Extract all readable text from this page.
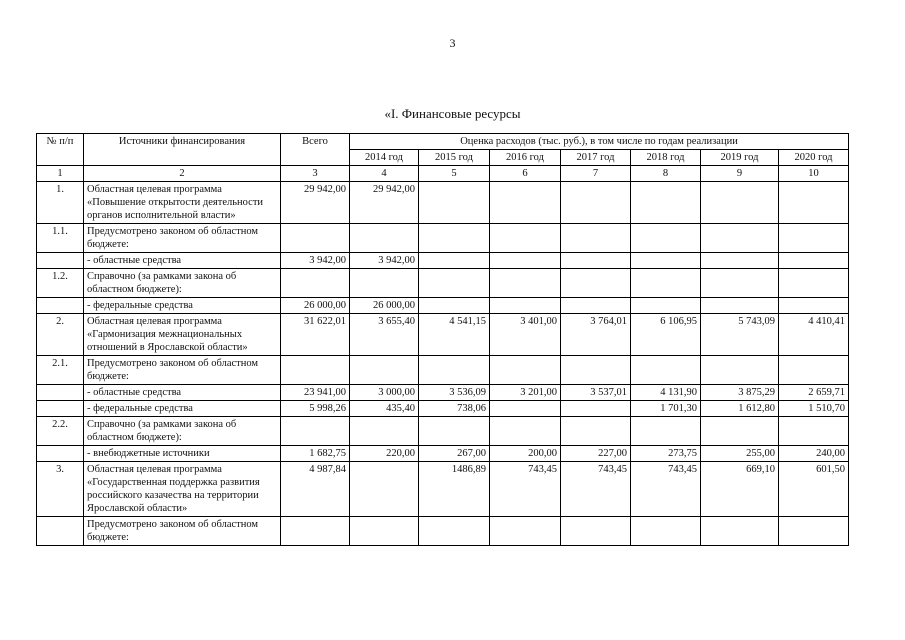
3
«I. Финансовые ресурсы
№ п/п	Источники финансирования	Всего	Оценка расходов (тыс. руб.), в том числе по годам реализации						
			2014 год	2015 год	2016 год	2017 год	2018 год	2019 год	2020 год
1	2	3	4	5	6	7	8	9	10
1.	Областная целевая программа «Повышение открытости деятельности органов исполнительной власти»	29 942,00	29 942,00						
1.1.	Предусмотрено законом об областном бюджете:								
	- областные средства	3 942,00	3 942,00						
1.2.	Справочно (за рамками закона об областном бюджете):								
	- федеральные средства	26 000,00	26 000,00						
2.	Областная целевая программа «Гармонизация межнациональных отношений в Ярославской области»	31 622,01	3 655,40	4 541,15	3 401,00	3 764,01	6 106,95	5 743,09	4 410,41
2.1.	Предусмотрено законом об областном бюджете:								
	- областные средства	23 941,00	3 000,00	3 536,09	3 201,00	3 537,01	4 131,90	3 875,29	2 659,71
	- федеральные средства	5 998,26	435,40	738,06			1 701,30	1 612,80	1 510,70
2.2.	Справочно (за рамками закона об областном бюджете):								
	- внебюджетные источники	1 682,75	220,00	267,00	200,00	227,00	273,75	255,00	240,00
3.	Областная целевая программа «Государственная поддержка развития российского казачества на территории Ярославской области»	4 987,84		1486,89	743,45	743,45	743,45	669,10	601,50
	Предусмотрено законом об областном бюджете:								
